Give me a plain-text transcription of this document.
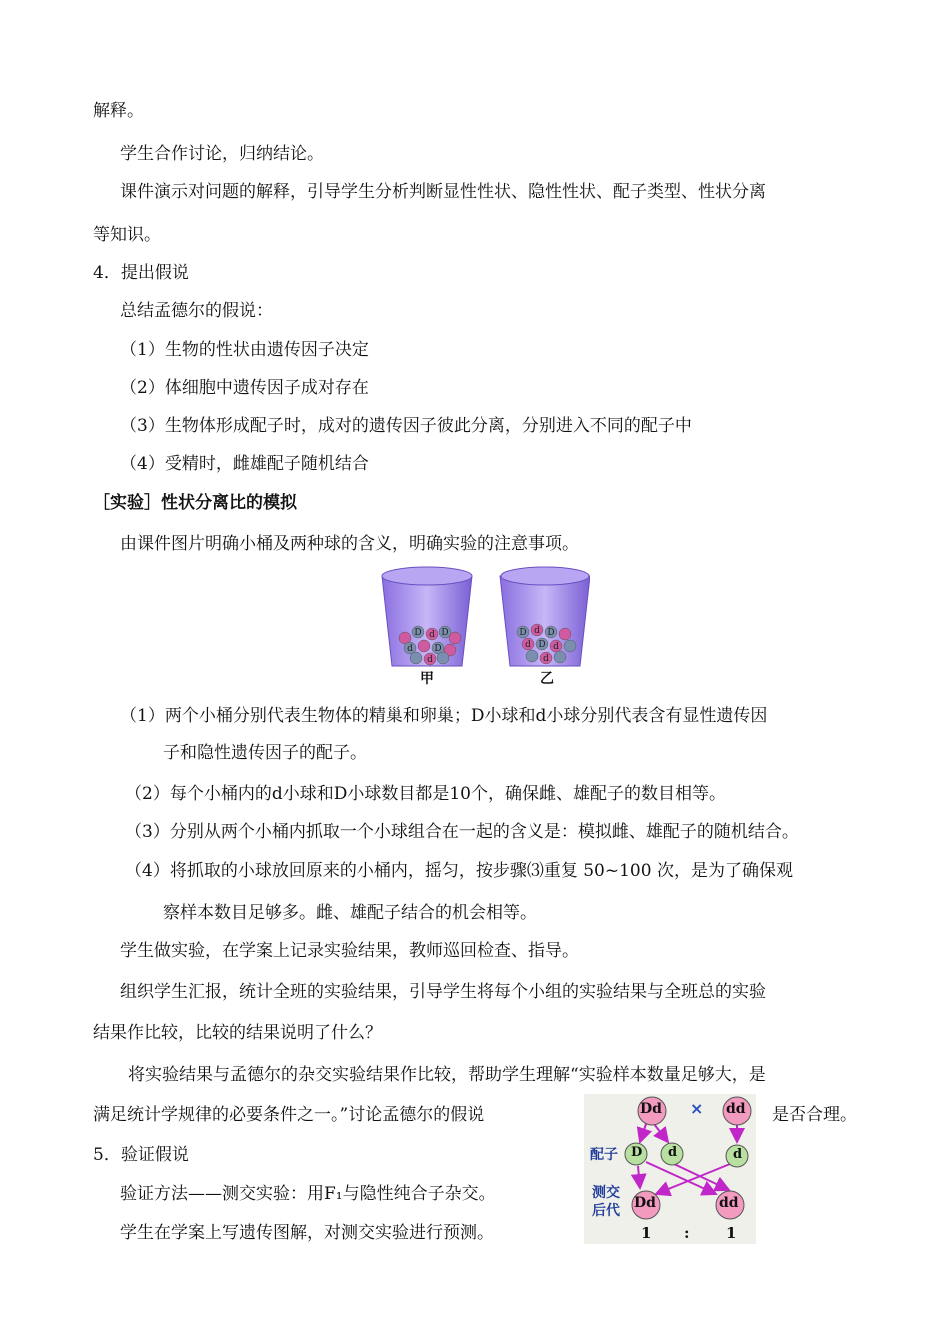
解释。
学生合作讨论，归纳结论。
课件演示对问题的解释，引导学生分析判断显性性状、隐性性状、配子类型、性状分离
等知识。
4．提出假说
总结孟德尔的假说：
（1）生物的性状由遗传因子决定
（2）体细胞中遗传因子成对存在
（3）生物体形成配子时，成对的遗传因子彼此分离，分别进入不同的配子中
（4）受精时，雌雄配子随机结合
［实验］性状分离比的模拟
由课件图片明确小桶及两种球的含义，明确实验的注意事项。
D d D
d D
d
D d D
d D d
d
甲	乙
（1）两个小桶分别代表生物体的精巢和卵巢；D小球和d小球分别代表含有显性遗传因
子和隐性遗传因子的配子。
（2）每个小桶内的d小球和D小球数目都是10个，确保雌、雄配子的数目相等。
（3）分别从两个小桶内抓取一个小球组合在一起的含义是：模拟雌、雄配子的随机结合。
（4）将抓取的小球放回原来的小桶内，摇匀，按步骤⑶重复 50~100 次，是为了确保观
察样本数目足够多。雌、雄配子结合的机会相等。
学生做实验，在学案上记录实验结果，教师巡回检查、指导。
组织学生汇报，统计全班的实验结果，引导学生将每个小组的实验结果与全班总的实验
结果作比较，比较的结果说明了什么？
将实验结果与孟德尔的杂交实验结果作比较，帮助学生理解“实验样本数量足够大，是
满足统计学规律的必要条件之一。”讨论孟德尔的假说	是否合理。
5．验证假说
验证方法——测交实验：用F₁与隐性纯合子杂交。
学生在学案上写遗传图解，对测交实验进行预测。
Dd × dd
配子 D d	d
测交
后代 Dd	dd
1 : 1
